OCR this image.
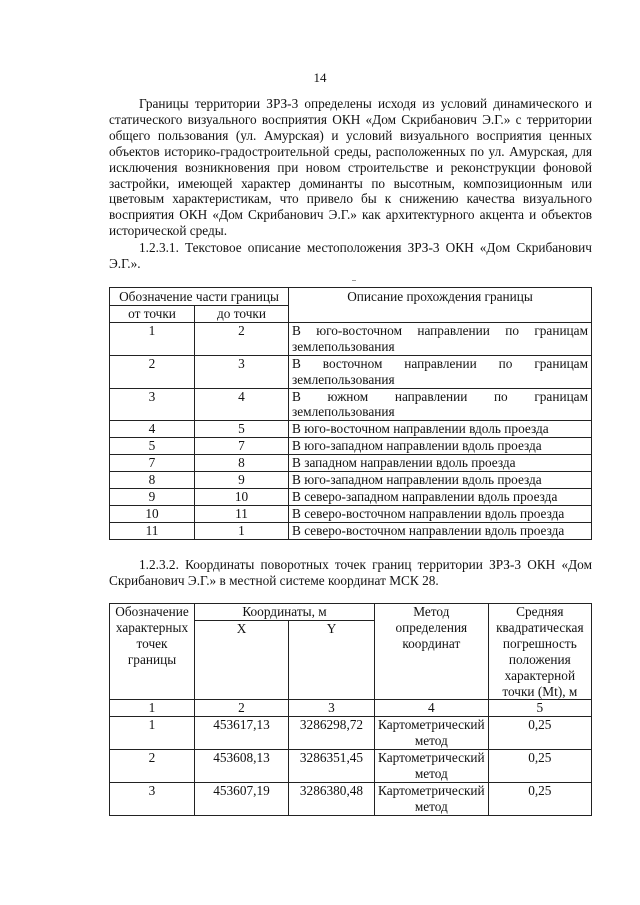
14

Границы территории ЗРЗ-3 определены исходя из условий динамического и статического визуального восприятия ОКН «Дом Скрибанович Э.Г.» с территории общего пользования (ул. Амурская) и условий визуального восприятия ценных объектов историко-градостроительной среды, расположенных по ул. Амурская, для исключения возникновения при новом строительстве и реконструкции фоновой застройки, имеющей характер доминанты по высотным, композиционным или цветовым характеристикам, что привело бы к снижению качества визуального восприятия ОКН «Дом Скрибанович Э.Г.» как архитектурного акцента и объектов исторической среды.

1.2.3.1. Текстовое описание местоположения ЗРЗ-3 ОКН «Дом Скрибанович Э.Г.».

Обозначение части границы		Описание прохождения границы
от точки	до точки	
1	2	В юго-восточном направлении по границам землепользования
2	3	В восточном направлении по границам землепользования
3	4	В южном направлении по границам землепользования
4	5	В юго-восточном направлении вдоль проезда
5	7	В юго-западном направлении вдоль проезда
7	8	В западном направлении вдоль проезда
8	9	В юго-западном направлении вдоль проезда
9	10	В северо-западном направлении вдоль проезда
10	11	В северо-восточном направлении вдоль проезда
11	1	В северо-восточном направлении вдоль проезда

1.2.3.2. Координаты поворотных точек границ территории ЗРЗ-3 ОКН «Дом Скрибанович Э.Г.» в местной системе координат МСК 28.

Обозначение характерных точек границы	Координаты, м		Метод определения координат	Средняя квадратическая погрешность положения характерной точки (Mt), м
	X	Y		
1	2	3	4	5
1	453617,13	3286298,72	Картометрический метод	0,25
2	453608,13	3286351,45	Картометрический метод	0,25
3	453607,19	3286380,48	Картометрический метод	0,25
